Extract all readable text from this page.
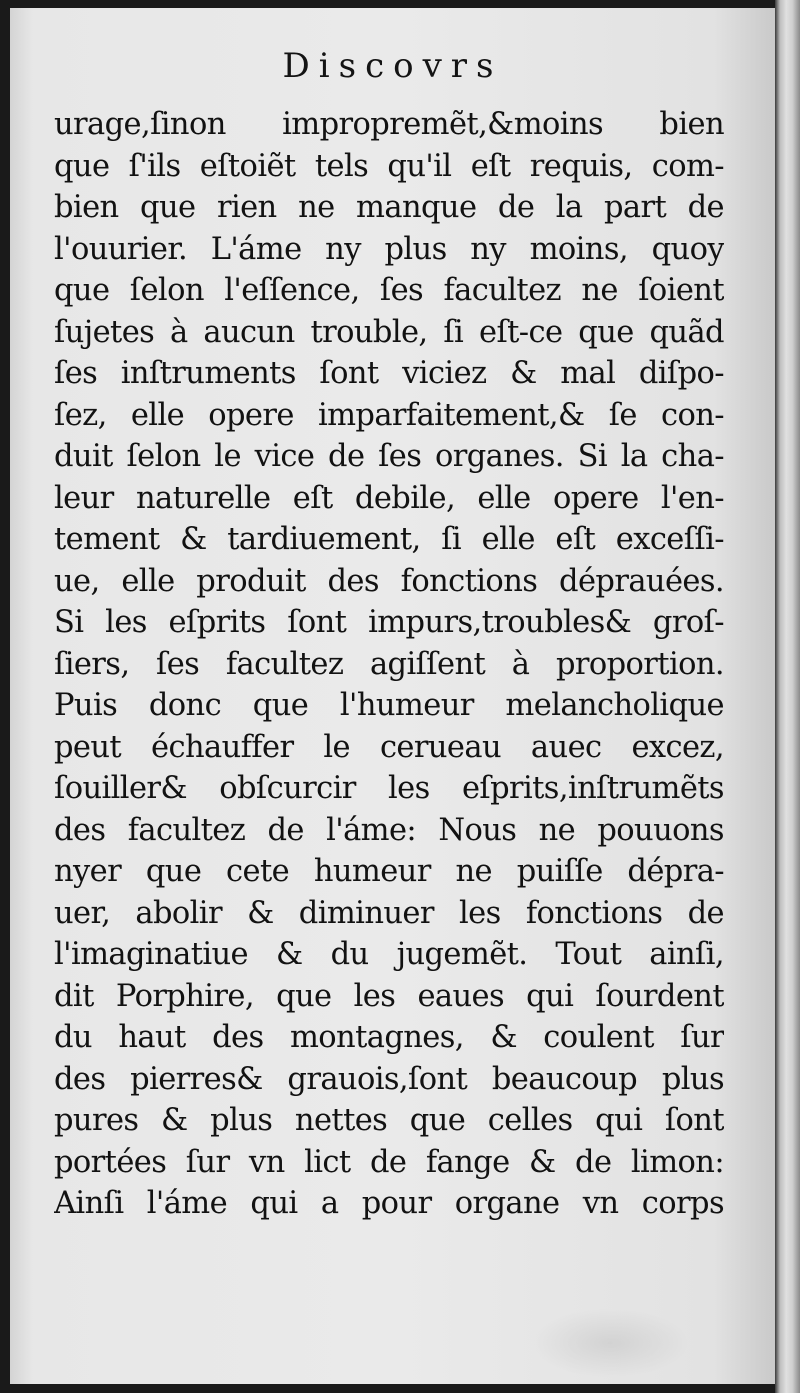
Discovrs
urage,ſinon impropremẽt,&moins bien
que ſ'ils eſtoiẽt tels qu'il eſt requis, com-
bien que rien ne manque de la part de
l'ouurier. L'áme ny plus ny moins, quoy
que ſelon l'eſſence, ſes facultez ne ſoient
ſujetes à aucun trouble, ſi eſt-ce que quãd
ſes inſtruments ſont viciez & mal diſpo-
ſez, elle opere imparfaitement,& ſe con-
duit ſelon le vice de ſes organes. Si la cha-
leur naturelle eſt debile, elle opere l'en-
tement & tardiuement, ſi elle eſt exceſſi-
ue, elle produit des fonctions déprauées.
Si les eſprits ſont impurs,troubles& groſ-
ſiers, ſes facultez agiſſent à proportion.
Puis donc que l'humeur melancholique
peut échauffer le cerueau auec excez,
ſouiller& obſcurcir les eſprits,inſtrumẽts
des facultez de l'áme: Nous ne pouuons
nyer que cete humeur ne puiſſe dépra-
uer, abolir & diminuer les fonctions de
l'imaginatiue & du jugemẽt. Tout ainſi,
dit Porphire, que les eaues qui ſourdent
du haut des montagnes, & coulent ſur
des pierres& grauois,ſont beaucoup plus
pures & plus nettes que celles qui ſont
portées ſur vn lict de fange & de limon:
Ainſi l'áme qui a pour organe vn corps
